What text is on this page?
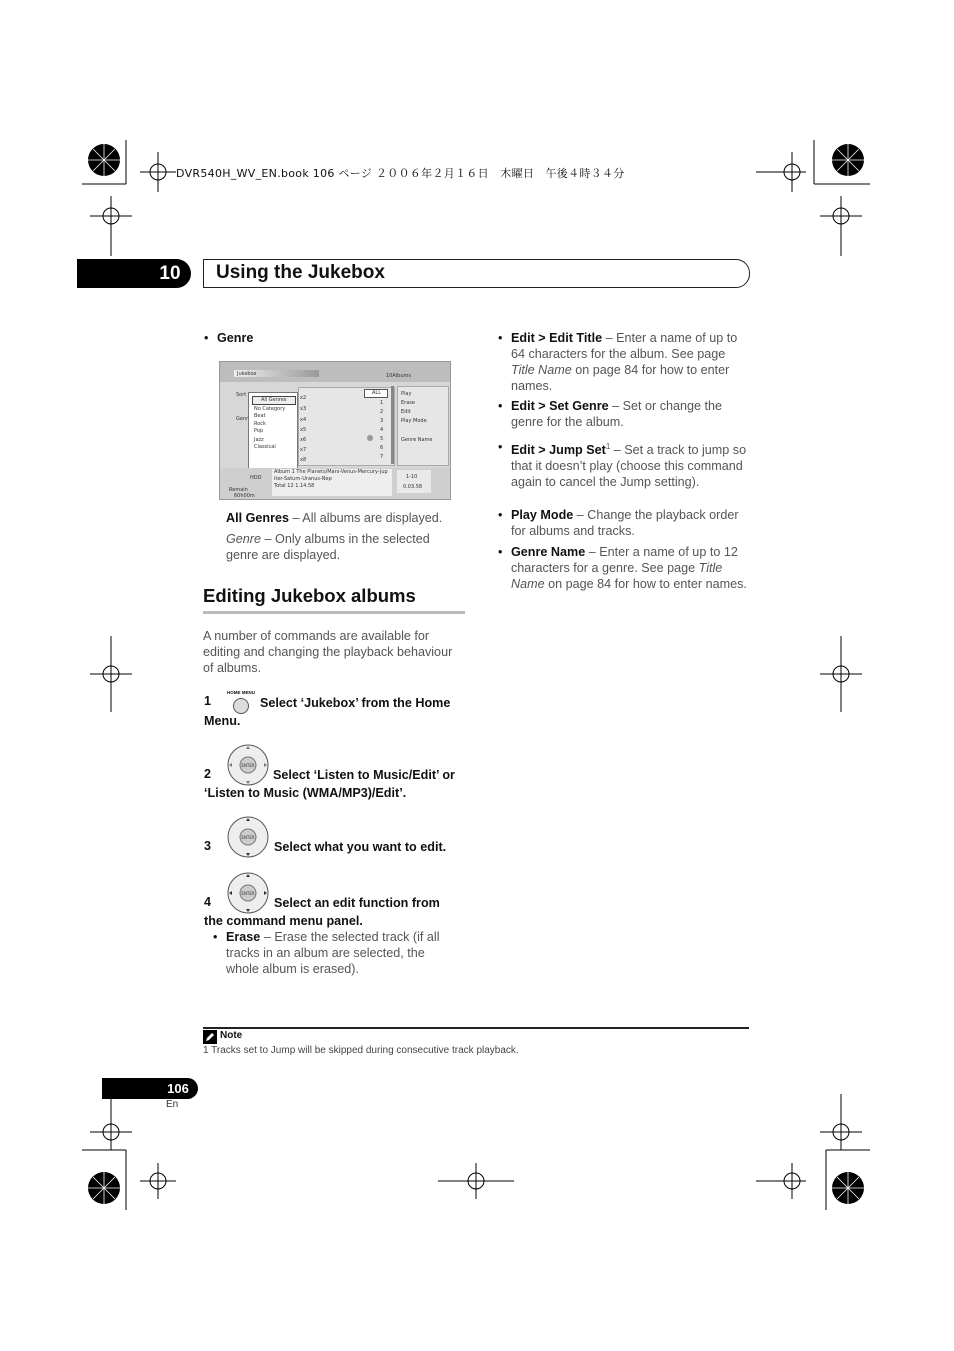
DVR540H_WV_EN.book 106 ページ ２００６年２月１６日　木曜日　午後４時３４分
10	Using the Jukebox
• Genre
Jukebox	10Albums
Sort
Genr
x2
x3
x4
x5
x6
x7
x8
ALL
1
2
3
4
5
6
7
All Genres
No Category
Beat
Rock
Pop
Jazz
Classical
Play
Erase
Edit
Play Mode
Genre Name
HDD
Remain
60h00m
Album 1 The Planets/Mars-Venus-Mercury-Jup
iter-Saturn-Uranus-Nep
Total 12 1.14.58
1-10
0.03.58
All Genres – All albums are displayed.
Genre – Only albums in the selected genre are displayed.
Editing Jukebox albums
A number of commands are available for editing and changing the playback behaviour of albums.
1
HOME MENU
Select ‘Jukebox’ from the Home
Menu.
2
ENTER
Select ‘Listen to Music/Edit’ or
‘Listen to Music (WMA/MP3)/Edit’.
3
ENTER
Select what you want to edit.
4
ENTER
Select an edit function from
the command menu panel.
• Erase – Erase the selected track (if all tracks in an album are selected, the whole album is erased).
• Edit > Edit Title – Enter a name of up to 64 characters for the album. See page Title Name on page 84 for how to enter names.
• Edit > Set Genre – Set or change the genre for the album.
• Edit > Jump Set$^1$ – Set a track to jump so that it doesn’t play (choose this command again to cancel the Jump setting).
• Play Mode – Change the playback order for albums and tracks.
• Genre Name – Enter a name of up to 12 characters for a genre. See page Title Name on page 84 for how to enter names.
Note
1 Tracks set to Jump will be skipped during consecutive track playback.
106
En
